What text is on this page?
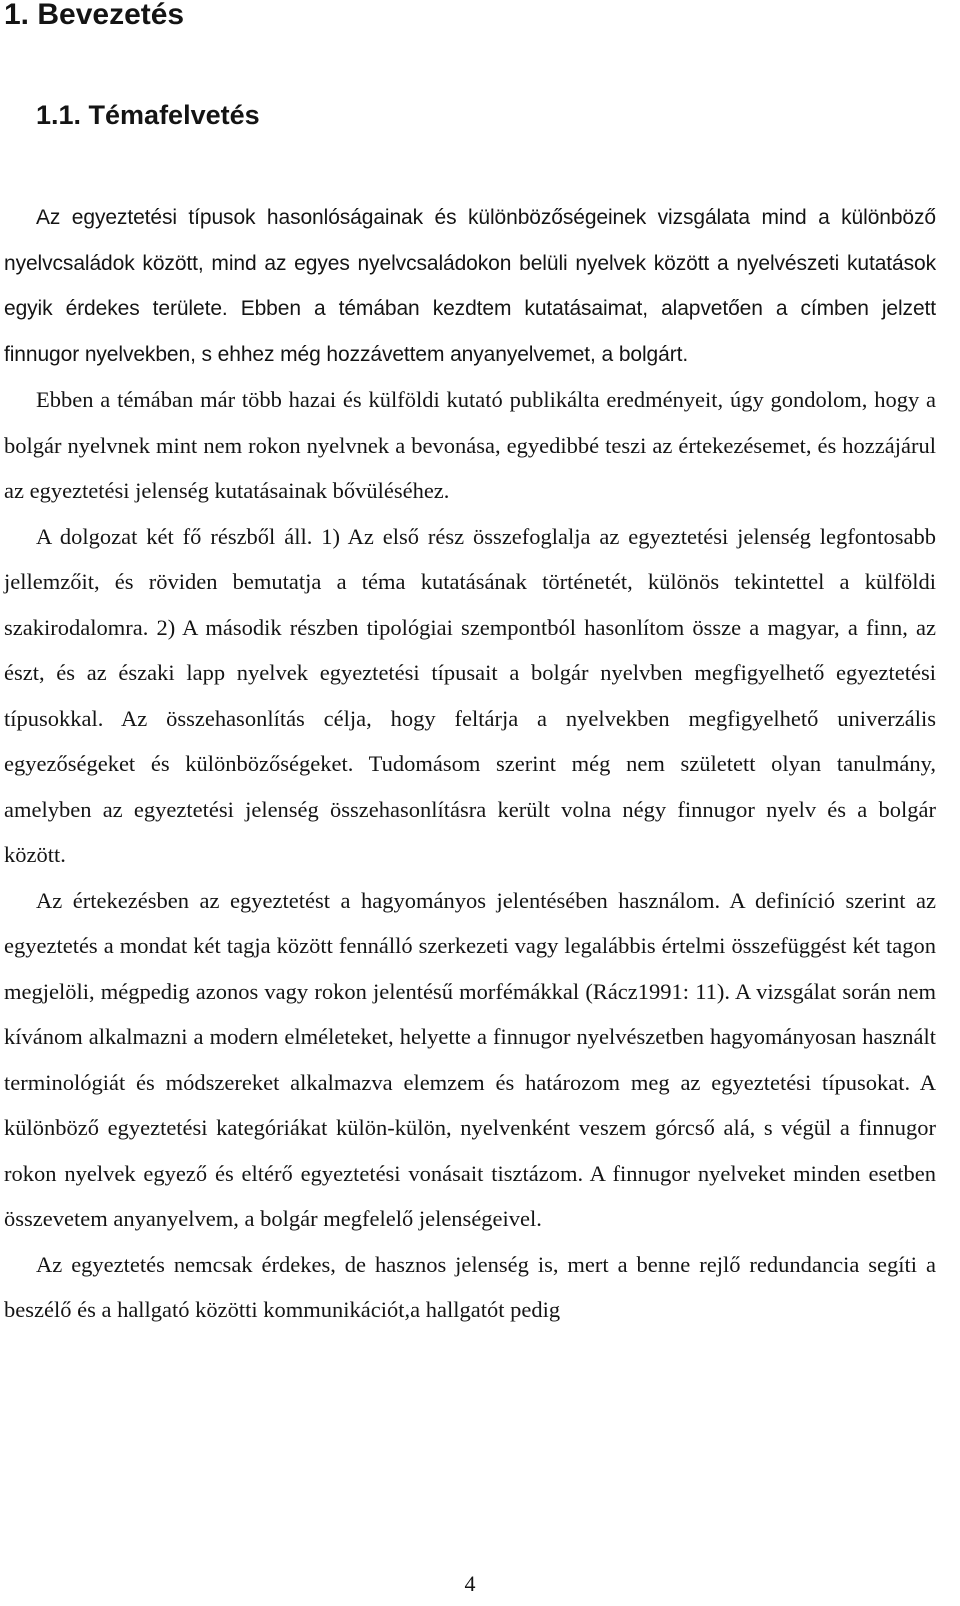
1. Bevezetés
1.1. Témafelvetés

Az egyeztetési típusok hasonlóságainak és különbözőségeinek vizsgálata mind a különböző nyelvcsaládok között, mind az egyes nyelvcsaládokon belüli nyelvek között a nyelvészeti kutatások egyik érdekes területe. Ebben a témában kezdtem kutatásaimat, alapvetően a címben jelzett finnugor nyelvekben, s ehhez még hozzávettem anyanyelvemet, a bolgárt.

Ebben a témában már több hazai és külföldi kutató publikálta eredményeit, úgy gondolom, hogy a bolgár nyelvnek mint nem rokon nyelvnek a bevonása, egyedibbé teszi az értekezésemet, és hozzájárul az egyeztetési jelenség kutatásainak bővüléséhez.

A dolgozat két fő részből áll. 1) Az első rész összefoglalja az egyeztetési jelenség legfontosabb jellemzőit, és röviden bemutatja a téma kutatásának történetét, különös tekintettel a külföldi szakirodalomra. 2) A második részben tipológiai szempontból hasonlítom össze a magyar, a finn, az észt, és az északi lapp nyelvek egyeztetési típusait a bolgár nyelvben megfigyelhető egyeztetési típusokkal. Az összehasonlítás célja, hogy feltárja a nyelvekben megfigyelhető univerzális egyezőségeket és különbözőségeket. Tudomásom szerint még nem született olyan tanulmány, amelyben az egyeztetési jelenség összehasonlításra került volna négy finnugor nyelv és a bolgár között.

Az értekezésben az egyeztetést a hagyományos jelentésében használom. A definíció szerint az egyeztetés a mondat két tagja között fennálló szerkezeti vagy legalábbis értelmi összefüggést két tagon megjelöli, mégpedig azonos vagy rokon jelentésű morfémákkal (Rácz1991: 11). A vizsgálat során nem kívánom alkalmazni a modern elméleteket, helyette a finnugor nyelvészetben hagyományosan használt terminológiát és módszereket alkalmazva elemzem és határozom meg az egyeztetési típusokat. A különböző egyeztetési kategóriákat külön-külön, nyelvenként veszem górcső alá, s végül a finnugor rokon nyelvek egyező és eltérő egyeztetési vonásait tisztázom. A finnugor nyelveket minden esetben összevetem anyanyelvem, a bolgár megfelelő jelenségeivel.

Az egyeztetés nemcsak érdekes, de hasznos jelenség is, mert a benne rejlő redundancia segíti a beszélő és a hallgató közötti kommunikációt,a hallgatót pedig

4
